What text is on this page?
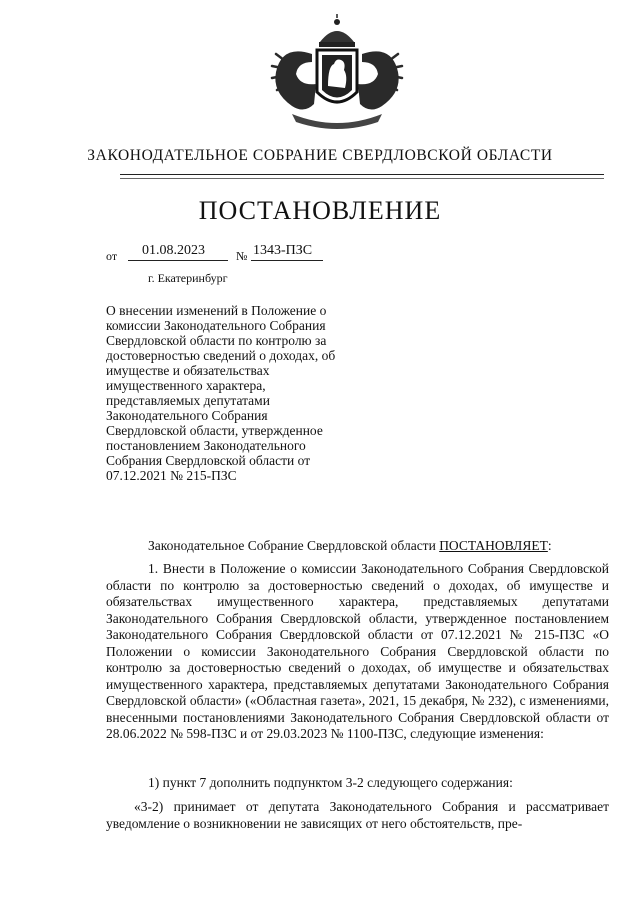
ЗАКОНОДАТЕЛЬНОЕ СОБРАНИЕ СВЕРДЛОВСКОЙ ОБЛАСТИ
ПОСТАНОВЛЕНИЕ
от 01.08.2023	№ 1343-ПЗС
г. Екатеринбург

О внесении изменений в Положение о комиссии Законодательного Собрания Свердловской области по контролю за достоверностью сведений о доходах, об имуществе и обязательствах имущественного характера, представляемых депутатами Законодательного Собрания Свердловской области, утвержденное постановлением Законодательного Собрания Свердловской области от 07.12.2021 № 215-ПЗС

Законодательное Собрание Свердловской области ПОСТАНОВЛЯЕТ:

1. Внести в Положение о комиссии Законодательного Собрания Свердловской области по контролю за достоверностью сведений о доходах, об имуществе и обязательствах имущественного характера, представляемых депутатами Законодательного Собрания Свердловской области, утвержденное постановлением Законодательного Собрания Свердловской области от 07.12.2021 № 215-ПЗС «О Положении о комиссии Законодательного Собрания Свердловской области по контролю за достоверностью сведений о доходах, об имуществе и обязательствах имущественного характера, представляемых депутатами Законодательного Собрания Свердловской области» («Областная газета», 2021, 15 декабря, № 232), с изменениями, внесенными постановлениями Законодательного Собрания Свердловской области от 28.06.2022 № 598-ПЗС и от 29.03.2023 № 1100-ПЗС, следующие изменения:

1) пункт 7 дополнить подпунктом 3-2 следующего содержания:

«3-2) принимает от депутата Законодательного Собрания и рассматривает уведомление о возникновении не зависящих от него обстоятельств, пре-
